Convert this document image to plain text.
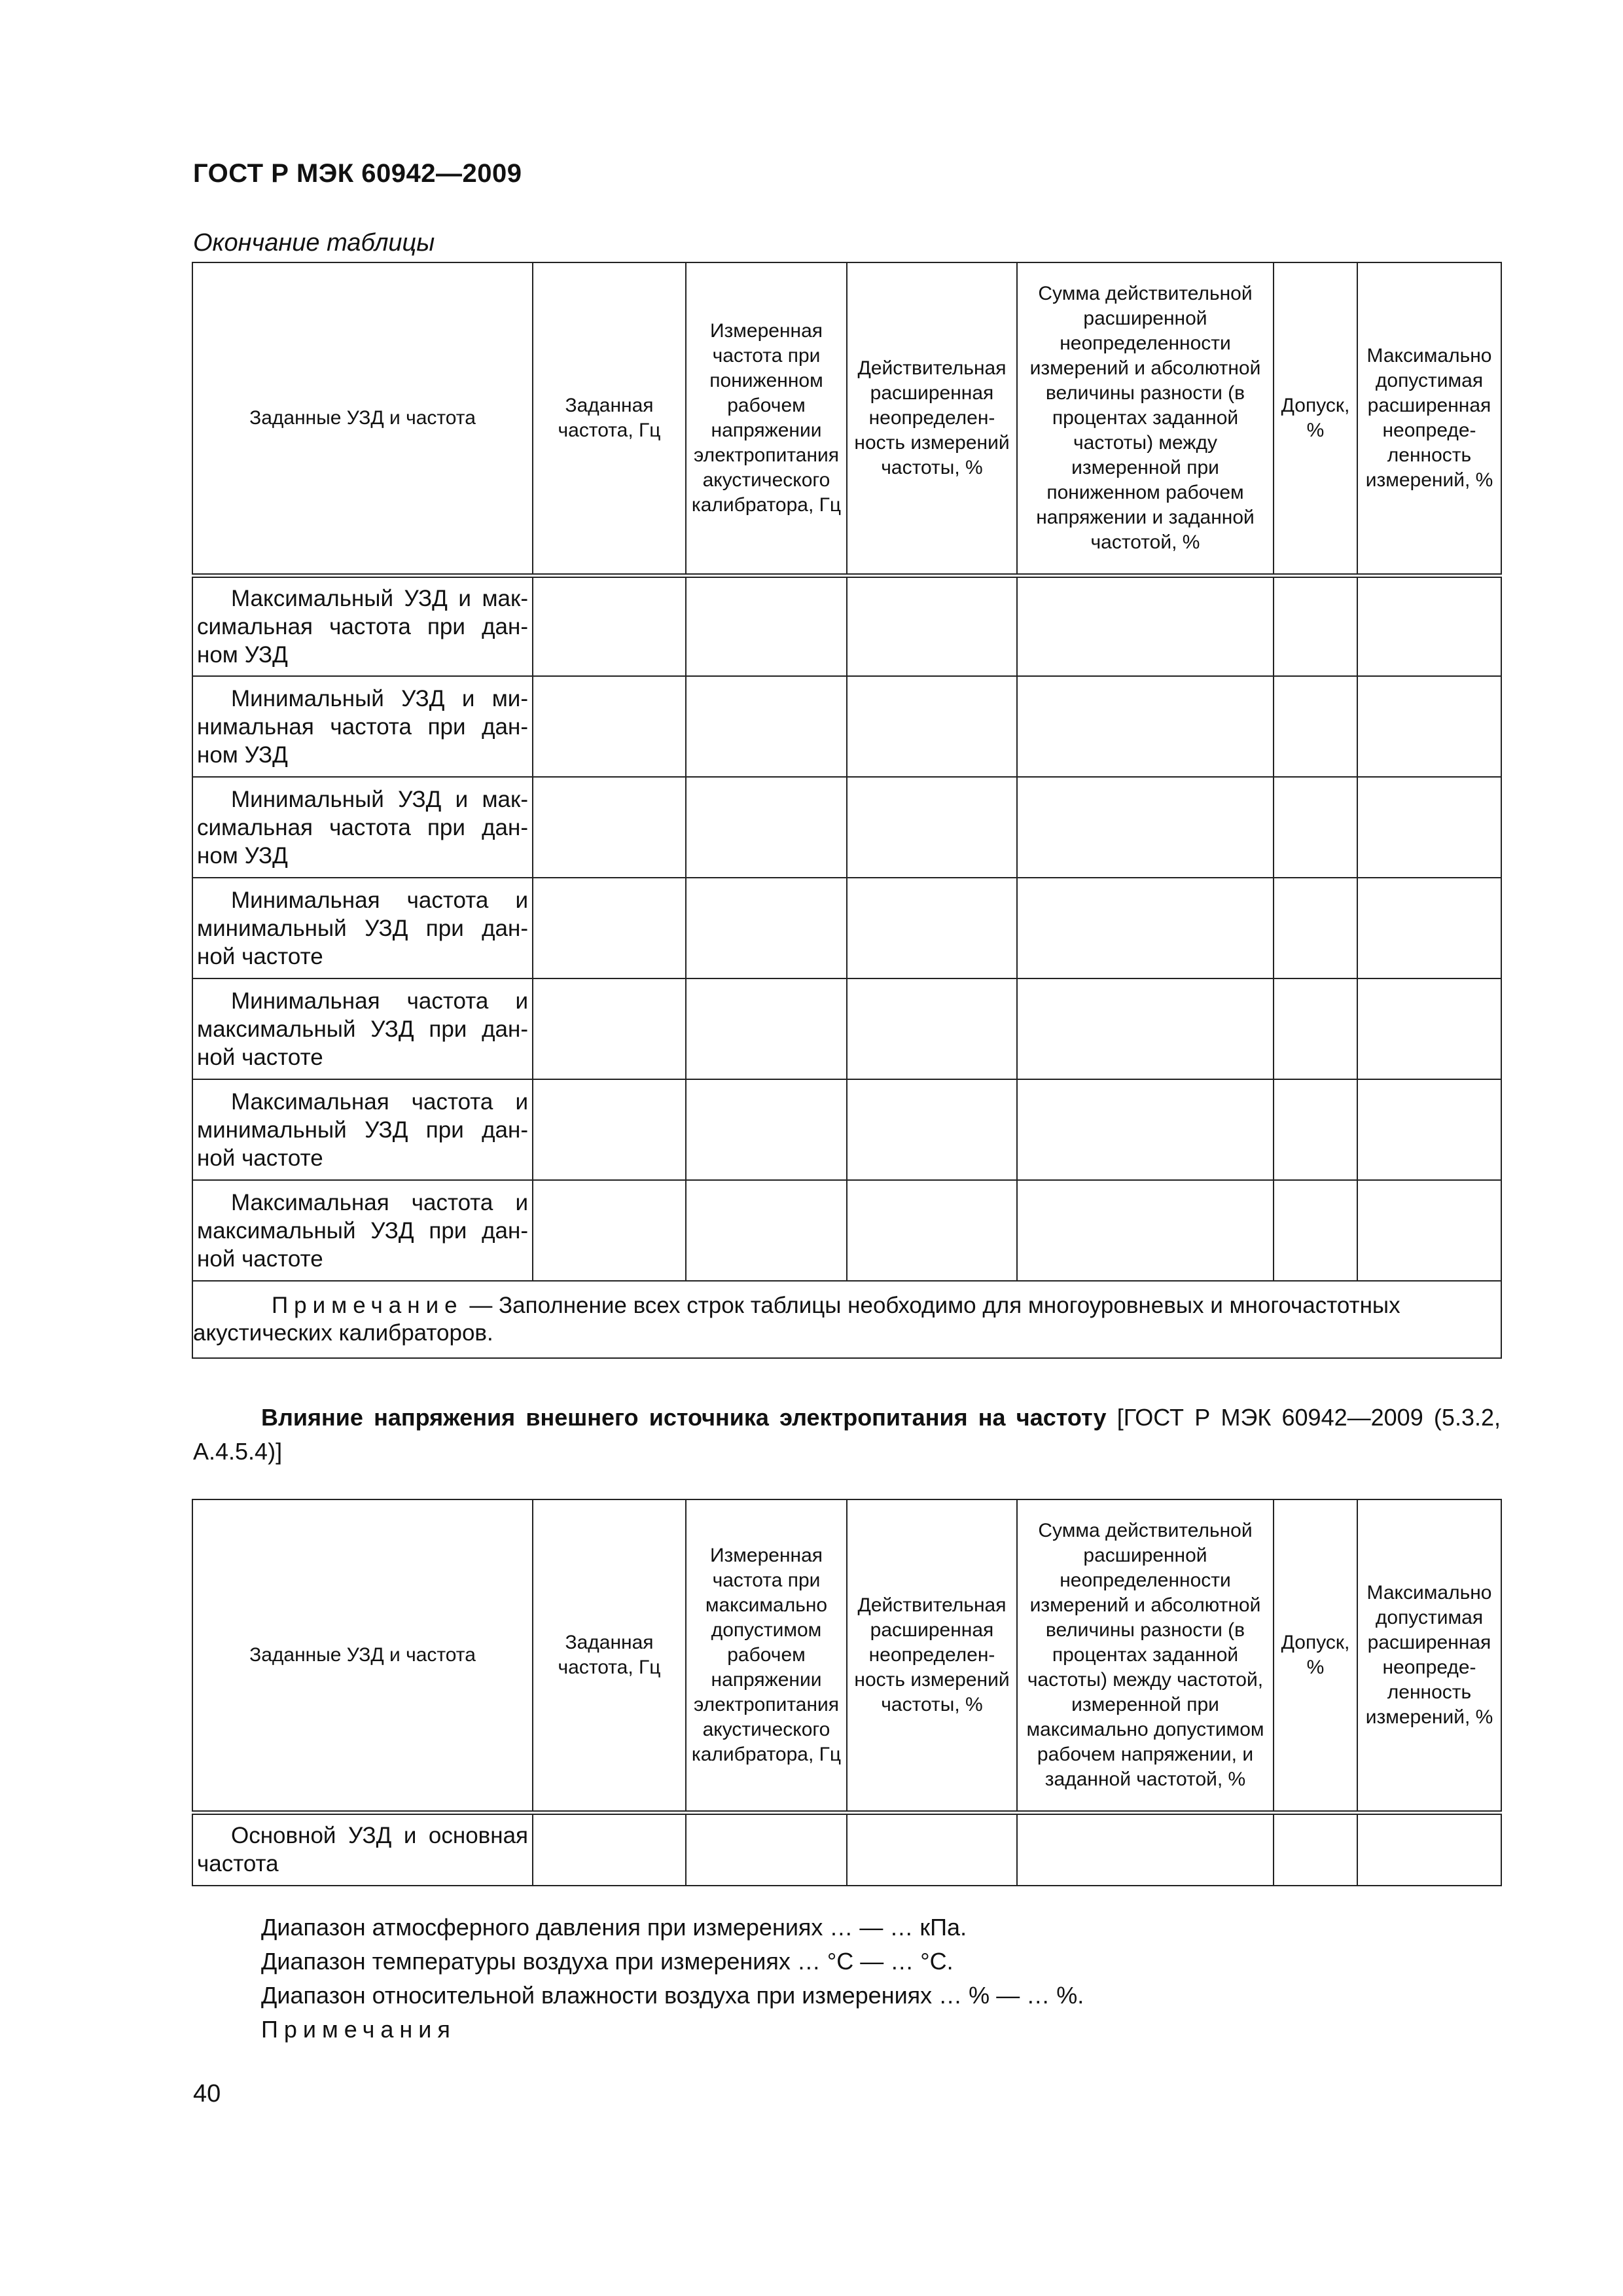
ГОСТ Р МЭК 60942—2009
Окончание таблицы
Заданные УЗД и частота	Заданная частота, Гц	Измеренная частота при пониженном рабочем напряжении электропитания акустического калибратора, Гц	Действительная расширенная неопределен-ность измерений частоты, %	Сумма действительной расширенной неопределенности измерений и абсолютной величины разности (в процентах заданной частоты) между измеренной при пониженном рабочем напряжении и заданной частотой, %	Допуск, %	Максимально допустимая расширенная неопреде-ленность измерений, %
Максимальный УЗД и мак-симальная частота при дан-ном УЗД						
Минимальный УЗД и ми-нимальная частота при дан-ном УЗД						
Минимальный УЗД и мак-симальная частота при дан-ном УЗД						
Минимальная частота и минимальный УЗД при дан-ной частоте						
Минимальная частота и максимальный УЗД при дан-ной частоте						
Максимальная частота и минимальный УЗД при дан-ной частоте						
Максимальная частота и максимальный УЗД при дан-ной частоте						
Примечание — Заполнение всех строк таблицы необходимо для многоуровневых и многочастотных акустических калибраторов.						
Влияние напряжения внешнего источника электропитания на частоту [ГОСТ Р МЭК 60942—2009 (5.3.2, А.4.5.4)]
Заданные УЗД и частота	Заданная частота, Гц	Измеренная частота при максимально допустимом рабочем напряжении электропитания акустического калибратора, Гц	Действительная расширенная неопределен-ность измерений частоты, %	Сумма действительной расширенной неопределенности измерений и абсолютной величины разности (в процентах заданной частоты) между частотой, измеренной при максимально допустимом рабочем напряжении, и заданной частотой, %	Допуск, %	Максимально допустимая расширенная неопреде-ленность измерений, %
Основной УЗД и основная частота						
Диапазон атмосферного давления при измерениях … — … кПа.
Диапазон температуры воздуха при измерениях … °С — … °С.
Диапазон относительной влажности воздуха при измерениях … % — … %.
Примечания
40
